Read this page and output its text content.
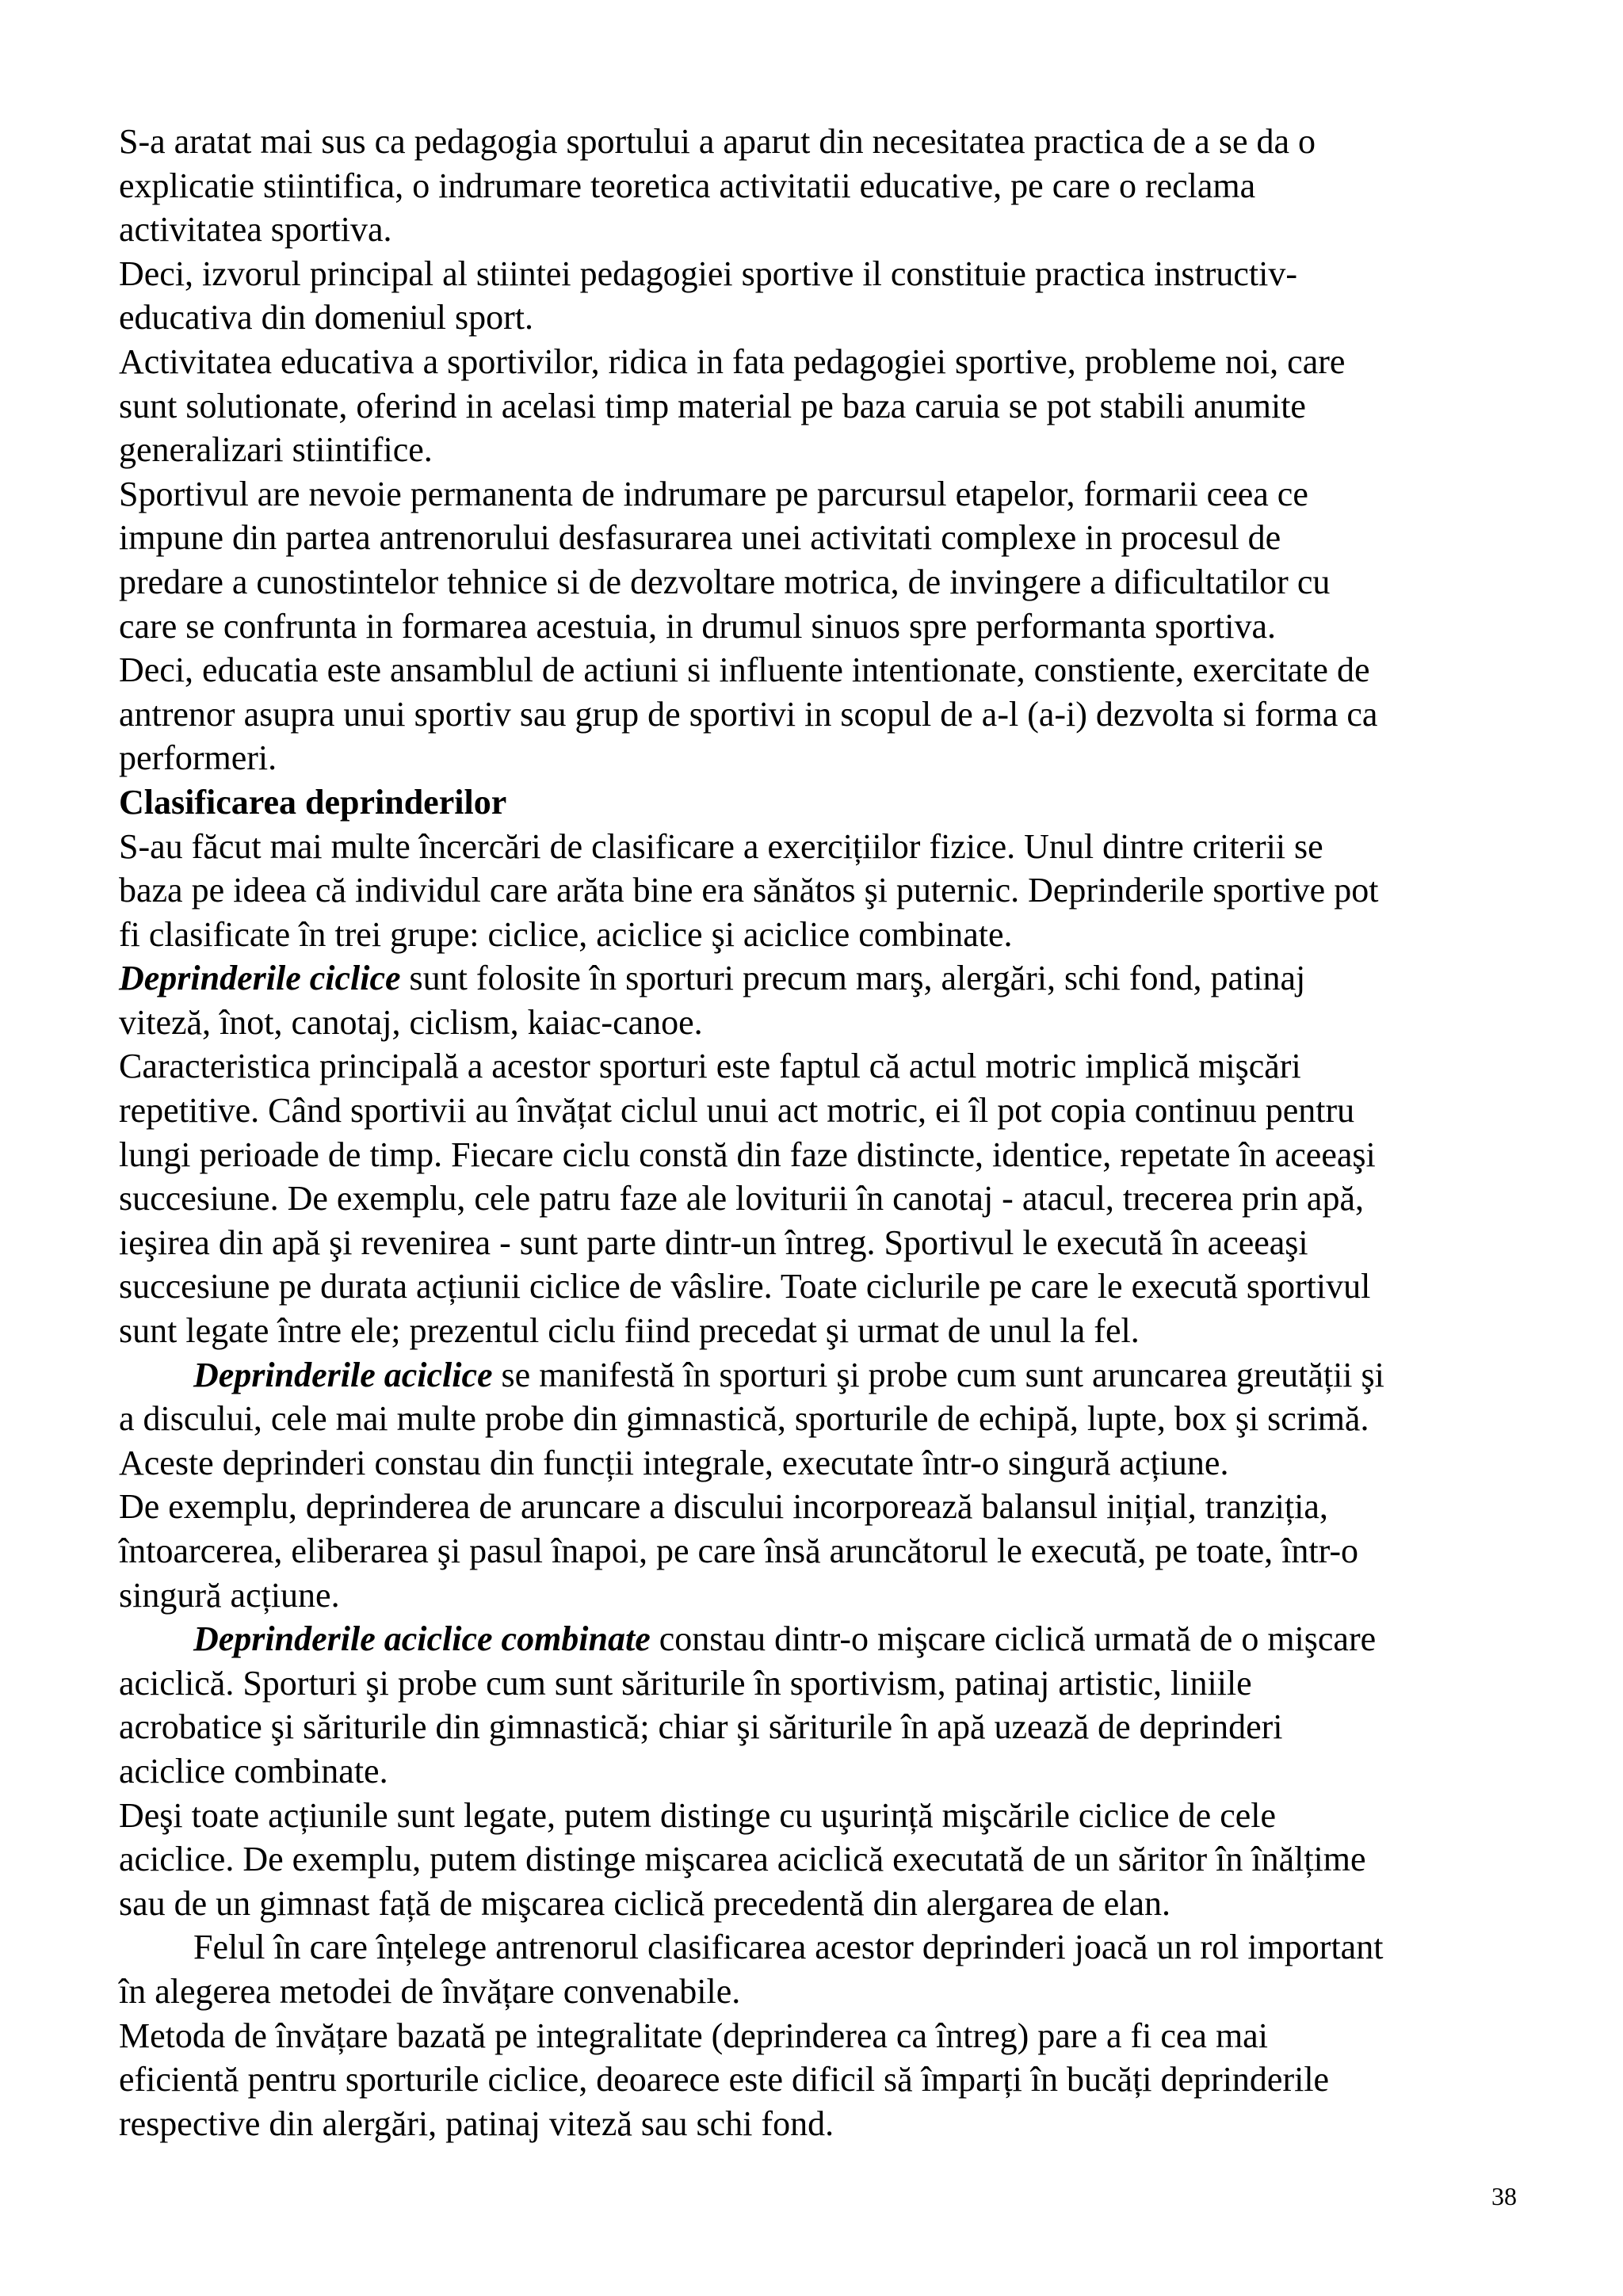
S-a aratat mai sus ca pedagogia sportului a aparut din necesitatea practica de a se da o
explicatie stiintifica, o indrumare teoretica activitatii educative, pe care o reclama
activitatea sportiva.
Deci, izvorul principal al stiintei pedagogiei sportive il constituie practica instructiv-
educativa din domeniul sport.
Activitatea educativa a sportivilor, ridica in fata pedagogiei sportive, probleme noi, care
sunt solutionate, oferind in acelasi timp material pe baza caruia se pot stabili anumite
generalizari stiintifice.
Sportivul are nevoie permanenta de indrumare pe parcursul etapelor, formarii ceea ce
impune din partea antrenorului desfasurarea unei activitati complexe in procesul de
predare a cunostintelor tehnice si de dezvoltare motrica, de invingere a dificultatilor cu
care se confrunta in formarea acestuia, in drumul sinuos spre performanta sportiva.
Deci, educatia este ansamblul de actiuni si influente intentionate, constiente, exercitate de
antrenor asupra unui sportiv sau grup de sportivi in scopul de a-l (a-i) dezvolta si forma ca
performeri.
Clasificarea deprinderilor
S-au făcut mai multe încercări de clasificare a exercițiilor fizice. Unul dintre criterii se
baza pe ideea că individul care arăta bine era sănătos şi puternic. Deprinderile sportive pot
fi clasificate în trei grupe: ciclice, aciclice şi aciclice combinate.
Deprinderile ciclice sunt folosite în sporturi precum marş, alergări, schi fond, patinaj
viteză, înot, canotaj, ciclism, kaiac-canoe.
Caracteristica principală a acestor sporturi este faptul că actul motric implică mişcări
repetitive. Când sportivii au învățat ciclul unui act motric, ei îl pot copia continuu pentru
lungi perioade de timp. Fiecare ciclu constă din faze distincte, identice, repetate în aceeaşi
succesiune. De exemplu, cele patru faze ale loviturii în canotaj - atacul, trecerea prin apă,
ieşirea din apă şi revenirea - sunt parte dintr-un întreg. Sportivul le execută în aceeaşi
succesiune pe durata acțiunii ciclice de vâslire. Toate ciclurile pe care le execută sportivul
sunt legate între ele; prezentul ciclu fiind precedat şi urmat de unul la fel.
Deprinderile aciclice se manifestă în sporturi şi probe cum sunt aruncarea greutății şi
a discului, cele mai multe probe din gimnastică, sporturile de echipă, lupte, box şi scrimă.
Aceste deprinderi constau din funcții integrale, executate într-o singură acțiune.
De exemplu, deprinderea de aruncare a discului incorporează balansul inițial, tranziția,
întoarcerea, eliberarea şi pasul înapoi, pe care însă aruncătorul le execută, pe toate, într-o
singură acțiune.
Deprinderile aciclice combinate constau dintr-o mişcare ciclică urmată de o mişcare
aciclică. Sporturi şi probe cum sunt săriturile în sportivism, patinaj artistic, liniile
acrobatice şi săriturile din gimnastică; chiar şi săriturile în apă uzează de deprinderi
aciclice combinate.
Deşi toate acțiunile sunt legate, putem distinge cu uşurință mişcările ciclice de cele
aciclice. De exemplu, putem distinge mişcarea aciclică executată de un săritor în înălțime
sau de un gimnast față de mişcarea ciclică precedentă din alergarea de elan.
Felul în care înțelege antrenorul clasificarea acestor deprinderi joacă un rol important
în alegerea metodei de învățare convenabile.
Metoda de învățare bazată pe integralitate (deprinderea ca întreg) pare a fi cea mai
eficientă pentru sporturile ciclice, deoarece este dificil să împarți în bucăți deprinderile
respective din alergări, patinaj viteză sau schi fond.
38
